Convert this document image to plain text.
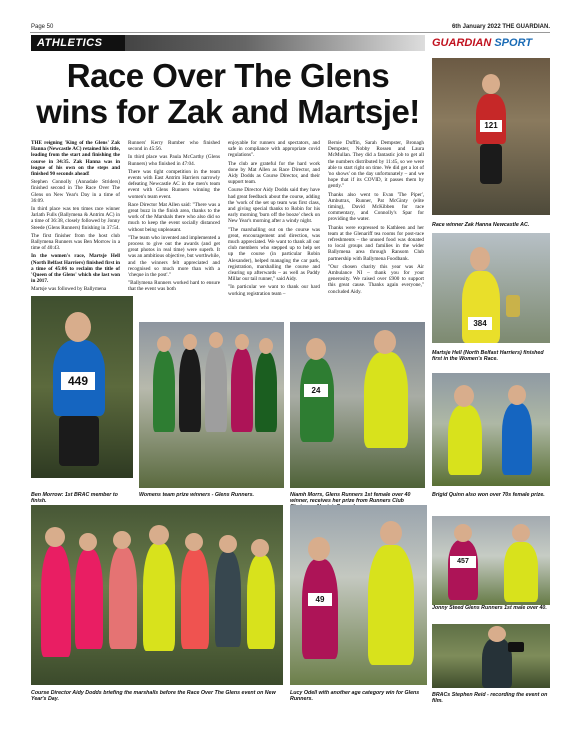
Page 50	6th January 2022 THE GUARDIAN.
ATHLETICS	GUARDIAN SPORT
Race Over The Glens wins for Zak and Martsje!

THE reigning 'King of the Glens' Zak Hanna (Newcastle AC) retained his title, leading from the start and finishing the course in 34:35. Zak Hanna was in league of his own on the steps and finished 90 seconds ahead!

Stephen Connolly (Annadale Striders) finished second in The Race Over The Glens on New Year's Day in a time of 36:09.

In third place was ten times race winner Jarlath Fulls (Ballymena & Antrim AC) in a time of 36:38, closely followed by Jonny Steede (Glens Runners) finishing in 37:54.

The first finisher from the host club Ballymena Runners was Ben Morrow in a time of 40:43.

In the women's race, Martsje Hell (North Belfast Harriers) finished first in a time of 45:06 to reclaim the title of 'Queen of the Glens' which she last won in 2017.

Martsje was followed by Ballymena

Runners' Kerry Rumber who finished second in 45:56.

In third place was Paula McCarthy (Glens Runners) who finished in 47:04.

There was tight competition in the team events with East Antrim Harriers narrowly defeating Newcastle AC in the men's team event with Glens Runners winning the women's team event.

Race Director Mat Allen said: "There was a great buzz in the finish area, thanks to the work of the Marshals there who also did so much to keep the event socially distanced without being unpleasant.

"The team who invented and implemented a process to give out the awards (and get great photos in real time) were superb. It was an ambitious objective, but worthwhile, and the winners felt appreciated and recognised so much more than with a 'cheque in the post'."

"Ballymena Runners worked hard to ensure that the event was both

enjoyable for runners and spectators, and safe in compliance with appropriate covid regulations".

The club are grateful for the hard work done by Mat Allen as Race Director, and Aidy Dodds as Course Director, and their support team.

Course Director Aidy Dodds said they have had great feedback about the course, adding the 'work of the set up team was first class, and giving special thanks to Robin for his early morning 'burn off the booze' check on New Year's morning after a windy night.

"The marshalling out on the course was great, encouragement and direction, was much appreciated. We want to thank all our club members who stepped up to help set up the course (in particular Robin Alexander), helped managing the car park, registration, marshalling the course and clearing up afterwards – as well as Paddy Millar our tail runner," said Aidy.

"In particular we want to thank our hard working registration team –

Bernie Duffin, Sarah Dempster, Bronagh Dempster, Nobby Rossen and Laura McMullan. They did a fantastic job to get all the numbers distributed by 11:45, so we were able to start right on time. We did get a lot of 'no shows' on the day unfortunately – and we hope that if its COVID, it passes them by gently."

Thanks also went to Evan 'The Piper', Ambutrax, Runner, Pat McGinty (elite timing), David McKibben for race commentary, and Connolly's Spar for providing the water.

Thanks were expressed to Kathleen and her team at the Glenariff tea rooms for post-race refreshments – the unused food was donated to local groups and families in the wider Ballymena area through Ransom Club partnership with Ballymena Foodbank.

"Our chosen charity this year was Air Ambulance NI – thank you for your generosity. We raised over £900 to support this great cause. Thanks again everyone," concluded Aidy.

121
Race winner Zak Hanna Newcastle AC.
384
Martsje Hell (North Belfast Harriers) finished first in the Women's Race.
449
Ben Morrow: 1st BRAC member to finish.
Womens team prize winners - Glens Runners.
24
Niamh Morrs, Glens Runners 1st female over 40 winner, receives her prize from Runners Club
Brigid Quinn also won over 70s female prize.
Course Director Aidy Dodds briefing the marshalls before the Race Over The Glens event on New Year's Day.
49
Lucy Odell with another age category win for Glens Runners.
457
Jonny Steed Glens Runners 1st male over 40.
BRACs Stephen Reid - recording the event on film.
